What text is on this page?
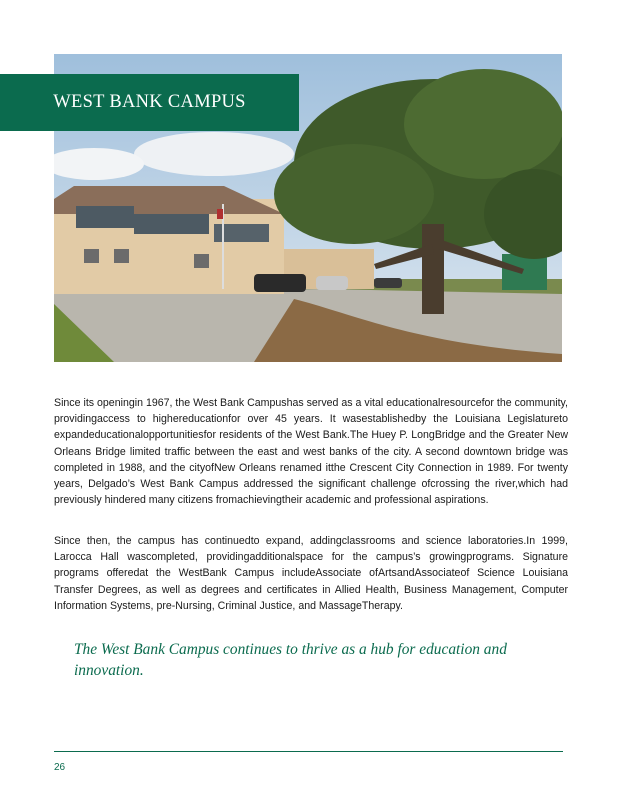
WEST BANK CAMPUS

Since its openingin 1967, the West Bank Campushas served as a vital educationalresourcefor the community, providingaccess to highereducationfor over 45 years. It wasestablishedby the Louisiana Legislatureto expandeducationalopportunitiesfor residents of the West Bank.The Huey P. LongBridge and the Greater New Orleans Bridge limited traffic between the east and west banks of the city. A second downtown bridge was completed in 1988, and the cityofNew Orleans renamed itthe Crescent City Connection in 1989. For twenty years, Delgado’s West Bank Campus addressed the significant challenge ofcrossing the river,which had previously hindered many citizens fromachievingtheir academic and professional aspirations.

Since then, the campus has continuedto expand, addingclassrooms and science laboratories.In 1999, Larocca Hall wascompleted, providingadditionalspace for the campus’s growingprograms. Signature programs offeredat the WestBank Campus includeAssociate ofArtsandAssociateof Science Louisiana Transfer Degrees, as well as degrees and certificates in Allied Health, Business Management, Computer Information Systems, pre-Nursing, Criminal Justice, and MassageTherapy.

The West Bank Campus continues to thrive as a hub for education and innovation.

26
